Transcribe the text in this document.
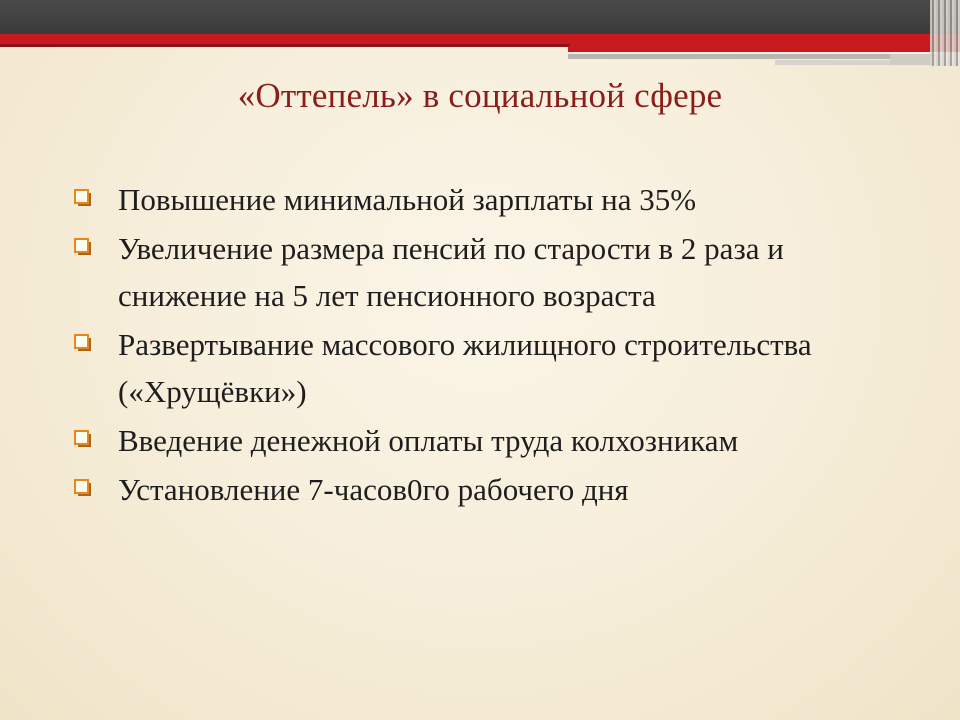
«Оттепель» в социальной сфере
Повышение минимальной зарплаты на 35%
Увеличение размера пенсий по старости в 2 раза и снижение на 5 лет пенсионного возраста
Развертывание массового жилищного строительства («Хрущёвки»)
Введение денежной оплаты труда колхозникам
Установление 7-часов0го рабочего дня
